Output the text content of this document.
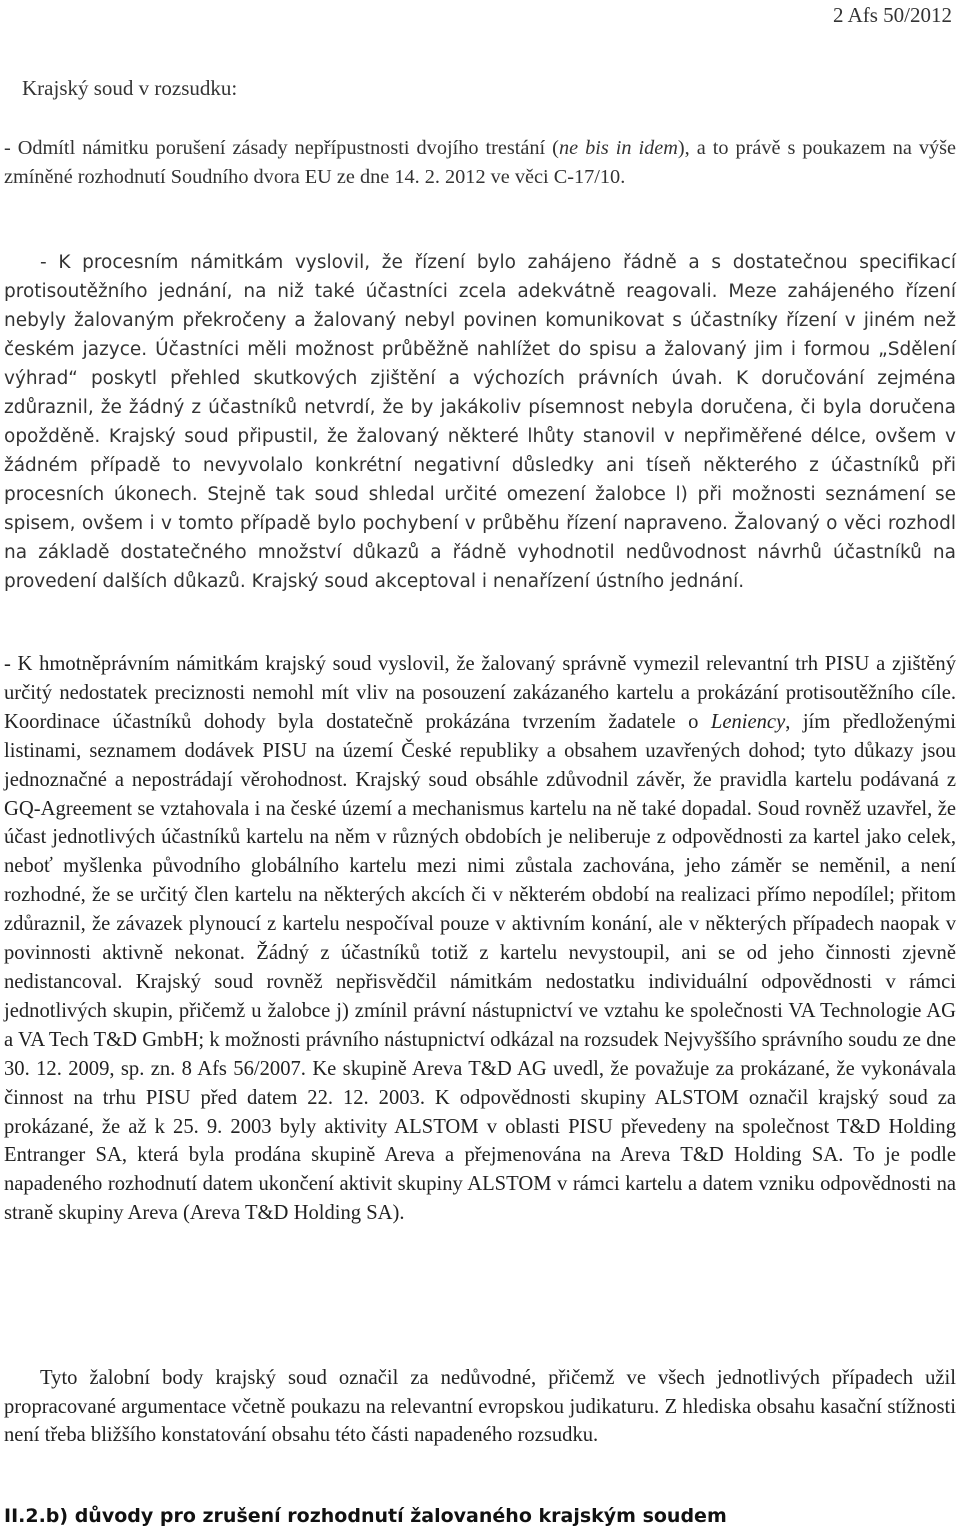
2 Afs 50/2012
Krajský soud v rozsudku:

- Odmítl námitku porušení zásady nepřípustnosti dvojího trestání (ne bis in idem), a to právě s poukazem na výše zmíněné rozhodnutí Soudního dvora EU ze dne 14. 2. 2012 ve věci C-17/10.

- K procesním námitkám vyslovil, že řízení bylo zahájeno řádně a s dostatečnou specifikací protisoutěžního jednání, na niž také účastníci zcela adekvátně reagovali. Meze zahájeného řízení nebyly žalovaným překročeny a žalovaný nebyl povinen komunikovat s účastníky řízení v jiném než českém jazyce. Účastníci měli možnost průběžně nahlížet do spisu a žalovaný jim i formou „Sdělení výhrad“ poskytl přehled skutkových zjištění a výchozích právních úvah. K doručování zejména zdůraznil, že žádný z účastníků netvrdí, že by jakákoliv písemnost nebyla doručena, či byla doručena opožděně. Krajský soud připustil, že žalovaný některé lhůty stanovil v nepřiměřené délce, ovšem v žádném případě to nevyvolalo konkrétní negativní důsledky ani tíseň některého z účastníků při procesních úkonech. Stejně tak soud shledal určité omezení žalobce l) při možnosti seznámení se spisem, ovšem i v tomto případě bylo pochybení v průběhu řízení napraveno. Žalovaný o věci rozhodl na základě dostatečného množství důkazů a řádně vyhodnotil nedůvodnost návrhů účastníků na provedení dalších důkazů. Krajský soud akceptoval i nenařízení ústního jednání.

- K hmotněprávním námitkám krajský soud vyslovil, že žalovaný správně vymezil relevantní trh PISU a zjištěný určitý nedostatek preciznosti nemohl mít vliv na posouzení zakázaného kartelu a prokázání protisoutěžního cíle. Koordinace účastníků dohody byla dostatečně prokázána tvrzením žadatele o Leniency, jím předloženými listinami, seznamem dodávek PISU na území České republiky a obsahem uzavřených dohod; tyto důkazy jsou jednoznačné a nepostrádají věrohodnost. Krajský soud obsáhle zdůvodnil závěr, že pravidla kartelu podávaná z GQ-Agreement se vztahovala i na české území a mechanismus kartelu na ně také dopadal. Soud rovněž uzavřel, že účast jednotlivých účastníků kartelu na něm v různých obdobích je neliberuje z odpovědnosti za kartel jako celek, neboť myšlenka původního globálního kartelu mezi nimi zůstala zachována, jeho záměr se neměnil, a není rozhodné, že se určitý člen kartelu na některých akcích či v některém období na realizaci přímo nepodílel; přitom zdůraznil, že závazek plynoucí z kartelu nespočíval pouze v aktivním konání, ale v některých případech naopak v povinnosti aktivně nekonat. Žádný z účastníků totiž z kartelu nevystoupil, ani se od jeho činnosti zjevně nedistancoval. Krajský soud rovněž nepřisvědčil námitkám nedostatku individuální odpovědnosti v rámci jednotlivých skupin, přičemž u žalobce j) zmínil právní nástupnictví ve vztahu ke společnosti VA Technologie AG a VA Tech T&D GmbH; k možnosti právního nástupnictví odkázal na rozsudek Nejvyššího správního soudu ze dne 30. 12. 2009, sp. zn. 8 Afs 56/2007. Ke skupině Areva T&D AG uvedl, že považuje za prokázané, že vykonávala činnost na trhu PISU před datem 22. 12. 2003. K odpovědnosti skupiny ALSTOM označil krajský soud za prokázané, že až k 25. 9. 2003 byly aktivity ALSTOM v oblasti PISU převedeny na společnost T&D Holding Entranger SA, která byla prodána skupině Areva a přejmenována na Areva T&D Holding SA. To je podle napadeného rozhodnutí datem ukončení aktivit skupiny ALSTOM v rámci kartelu a datem vzniku odpovědnosti na straně skupiny Areva (Areva T&D Holding SA).

Tyto žalobní body krajský soud označil za nedůvodné, přičemž ve všech jednotlivých případech užil propracované argumentace včetně poukazu na relevantní evropskou judikaturu. Z hlediska obsahu kasační stížnosti není třeba bližšího konstatování obsahu této části napadeného rozsudku.

II.2.b) důvody pro zrušení rozhodnutí žalovaného krajským soudem
